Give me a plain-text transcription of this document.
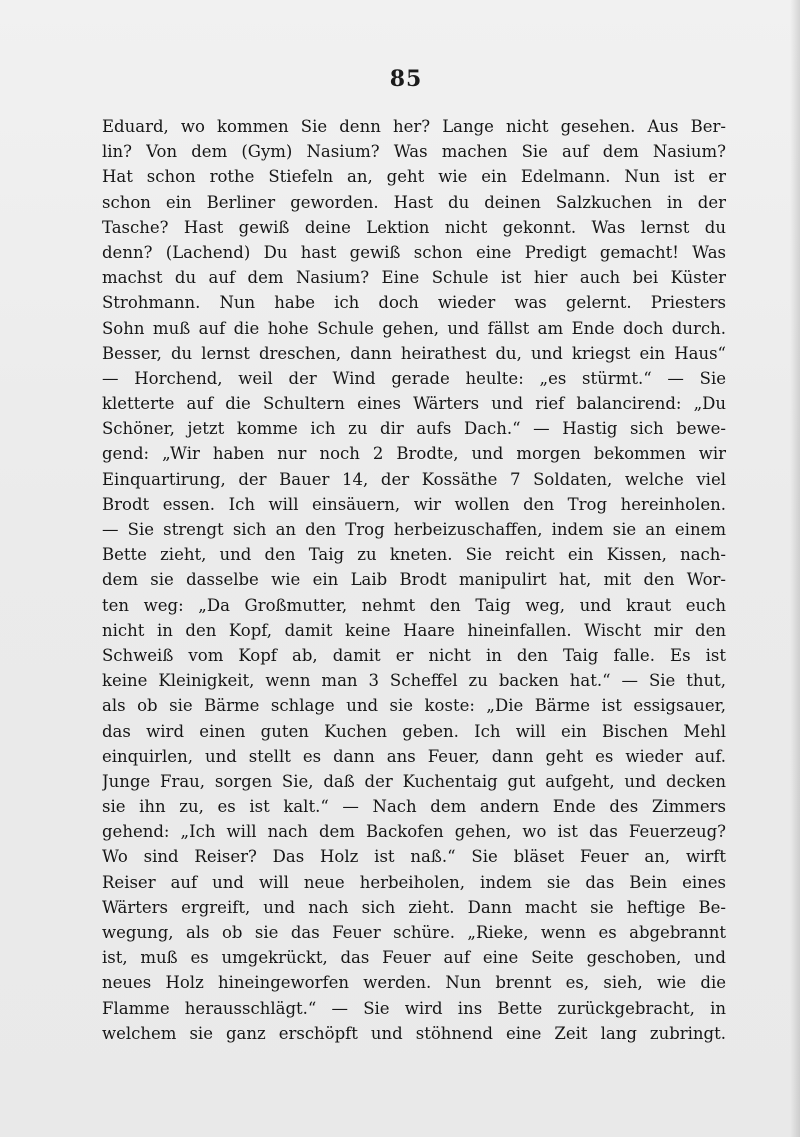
85
Eduard, wo kommen Sie denn her? Lange nicht gesehen. Aus Ber-
lin? Von dem (Gym) Nasium? Was machen Sie auf dem Nasium?
Hat schon rothe Stiefeln an, geht wie ein Edelmann. Nun ist er
schon ein Berliner geworden. Hast du deinen Salzkuchen in der
Tasche? Hast gewiß deine Lektion nicht gekonnt. Was lernst du
denn? (Lachend) Du hast gewiß schon eine Predigt gemacht! Was
machst du auf dem Nasium? Eine Schule ist hier auch bei Küster
Strohmann. Nun habe ich doch wieder was gelernt. Priesters
Sohn muß auf die hohe Schule gehen, und fällst am Ende doch durch.
Besser, du lernst dreschen, dann heirathest du, und kriegst ein Haus“
— Horchend, weil der Wind gerade heulte: „es stürmt.“ — Sie
kletterte auf die Schultern eines Wärters und rief balancirend: „Du
Schöner, jetzt komme ich zu dir aufs Dach.“ — Hastig sich bewe-
gend: „Wir haben nur noch 2 Brodte, und morgen bekommen wir
Einquartirung, der Bauer 14, der Kossäthe 7 Soldaten, welche viel
Brodt essen. Ich will einsäuern, wir wollen den Trog hereinholen.
— Sie strengt sich an den Trog herbeizuschaffen, indem sie an einem
Bette zieht, und den Taig zu kneten. Sie reicht ein Kissen, nach-
dem sie dasselbe wie ein Laib Brodt manipulirt hat, mit den Wor-
ten weg: „Da Großmutter, nehmt den Taig weg, und kraut euch
nicht in den Kopf, damit keine Haare hineinfallen. Wischt mir den
Schweiß vom Kopf ab, damit er nicht in den Taig falle. Es ist
keine Kleinigkeit, wenn man 3 Scheffel zu backen hat.“ — Sie thut,
als ob sie Bärme schlage und sie koste: „Die Bärme ist essigsauer,
das wird einen guten Kuchen geben. Ich will ein Bischen Mehl
einquirlen, und stellt es dann ans Feuer, dann geht es wieder auf.
Junge Frau, sorgen Sie, daß der Kuchentaig gut aufgeht, und decken
sie ihn zu, es ist kalt.“ — Nach dem andern Ende des Zimmers
gehend: „Ich will nach dem Backofen gehen, wo ist das Feuerzeug?
Wo sind Reiser? Das Holz ist naß.“ Sie bläset Feuer an, wirft
Reiser auf und will neue herbeiholen, indem sie das Bein eines
Wärters ergreift, und nach sich zieht. Dann macht sie heftige Be-
wegung, als ob sie das Feuer schüre. „Rieke, wenn es abgebrannt
ist, muß es umgekrückt, das Feuer auf eine Seite geschoben, und
neues Holz hineingeworfen werden. Nun brennt es, sieh, wie die
Flamme herausschlägt.“ — Sie wird ins Bette zurückgebracht, in
welchem sie ganz erschöpft und stöhnend eine Zeit lang zubringt.
